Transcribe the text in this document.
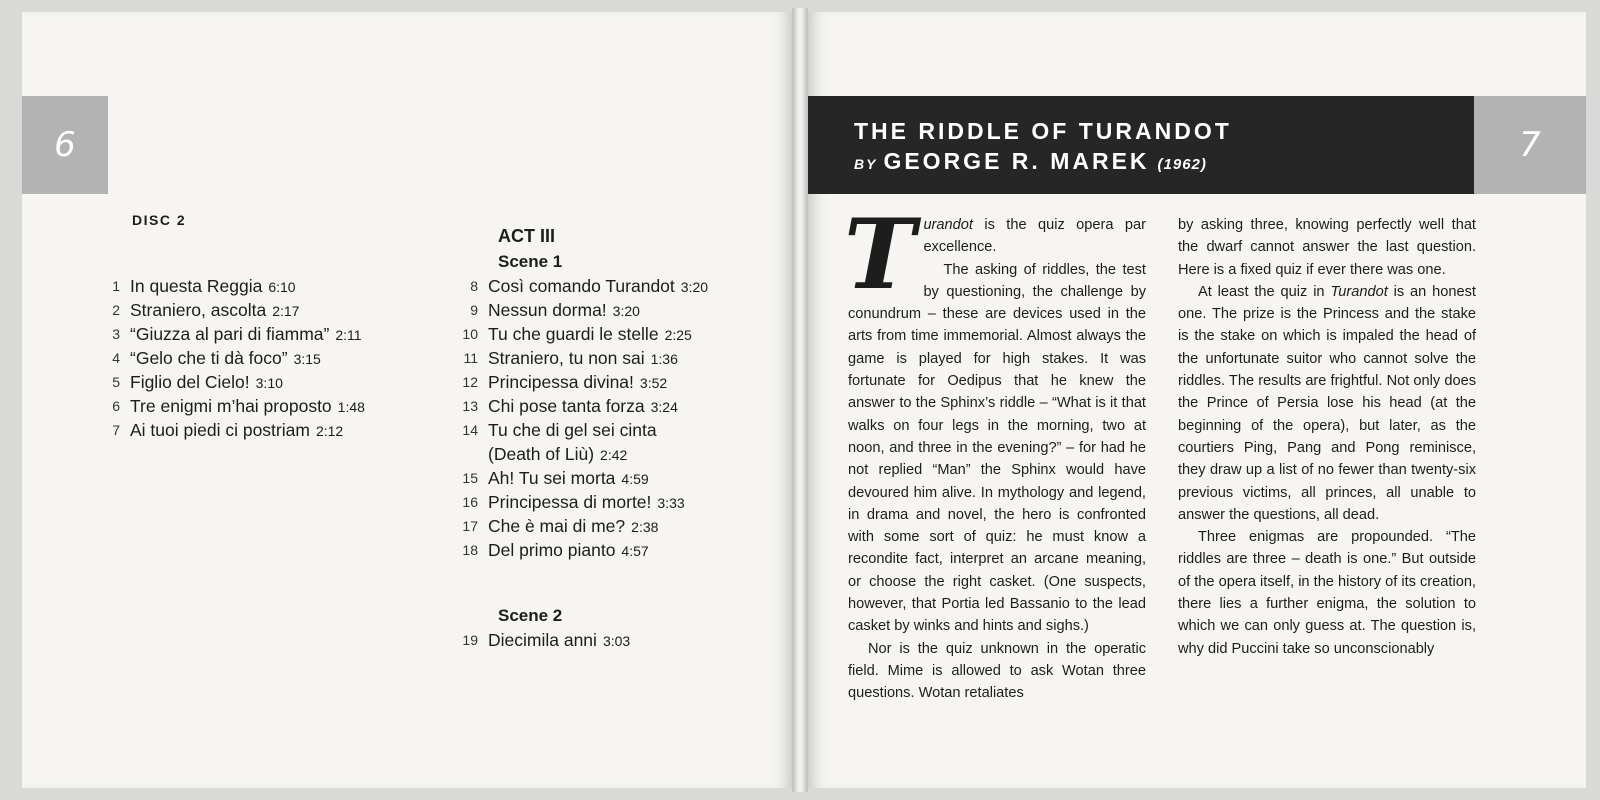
6
DISC 2
ACT III
Scene 1
Scene 2
1 In questa Reggia 6:10
2 Straniero, ascolta 2:17
3 “Giuzza al pari di fiamma” 2:11
4 “Gelo che ti dà foco” 3:15
5 Figlio del Cielo! 3:10
6 Tre enigmi m’hai proposto 1:48
7 Ai tuoi piedi ci postriam 2:12
8 Così comando Turandot 3:20
9 Nessun dorma! 3:20
10 Tu che guardi le stelle 2:25
11 Straniero, tu non sai 1:36
12 Principessa divina! 3:52
13 Chi pose tanta forza 3:24
14 Tu che di gel sei cinta
(Death of Liù) 2:42
15 Ah! Tu sei morta 4:59
16 Principessa di morte! 3:33
17 Che è mai di me? 2:38
18 Del primo pianto 4:57
19 Diecimila anni 3:03
THE RIDDLE OF TURANDOT
BY GEORGE R. MAREK (1962)	7

Turandot is the quiz opera par excellence.

The asking of riddles, the test by questioning, the challenge by conundrum – these are devices used in the arts from time immemorial. Almost always the game is played for high stakes. It was fortunate for Oedipus that he knew the answer to the Sphinx’s riddle – “What is it that walks on four legs in the morning, two at noon, and three in the evening?” – for had he not replied “Man” the Sphinx would have devoured him alive. In mythology and legend, in drama and novel, the hero is confronted with some sort of quiz: he must know a recondite fact, interpret an arcane meaning, or choose the right casket. (One suspects, however, that Portia led Bassanio to the lead casket by winks and hints and sighs.)

Nor is the quiz unknown in the operatic field. Mime is allowed to ask Wotan three questions. Wotan retaliates

by asking three, knowing perfectly well that the dwarf cannot answer the last question. Here is a fixed quiz if ever there was one.

At least the quiz in Turandot is an honest one. The prize is the Princess and the stake is the stake on which is impaled the head of the unfortunate suitor who cannot solve the riddles. The results are frightful. Not only does the Prince of Persia lose his head (at the beginning of the opera), but later, as the courtiers Ping, Pang and Pong reminisce, they draw up a list of no fewer than twenty-six previous victims, all princes, all unable to answer the questions, all dead.

Three enigmas are propounded. “The riddles are three – death is one.” But outside of the opera itself, in the history of its creation, there lies a further enigma, the solution to which we can only guess at. The question is, why did Puccini take so unconscionably
